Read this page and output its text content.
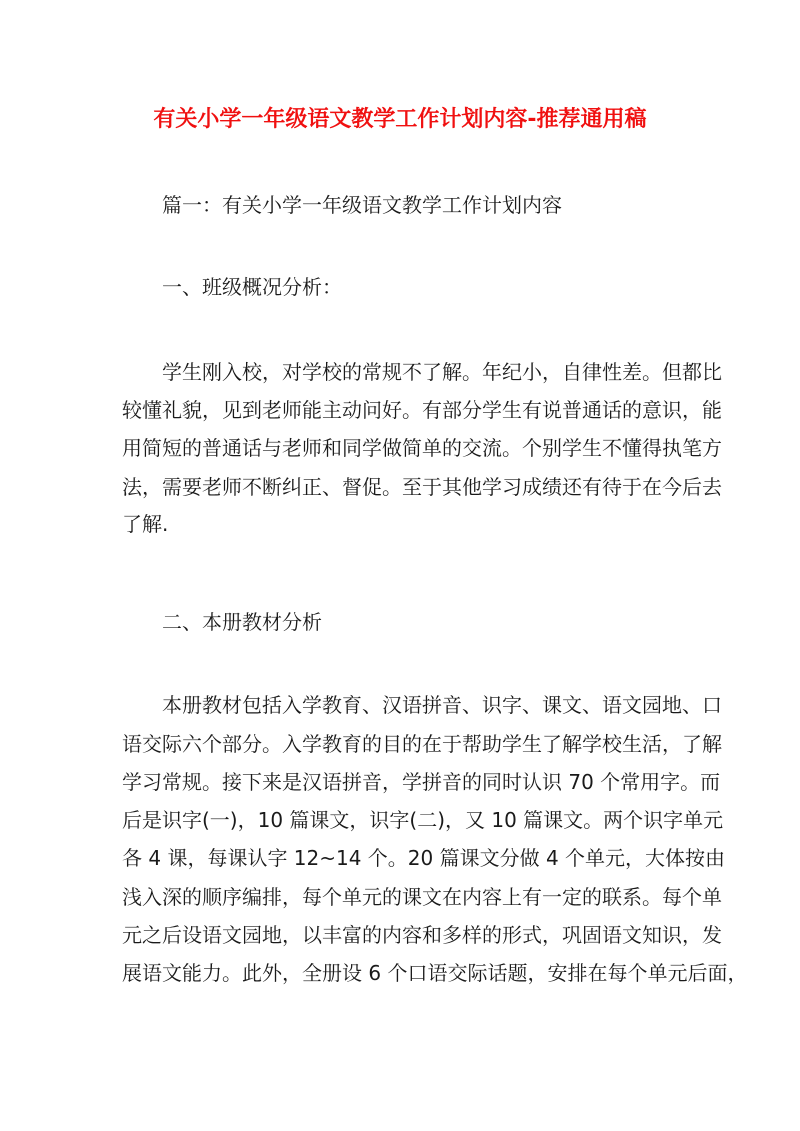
有关小学一年级语文教学工作计划内容-推荐通用稿
篇一：有关小学一年级语文教学工作计划内容
一、班级概况分析：
学生刚入校，对学校的常规不了解。年纪小，自律性差。但都比
较懂礼貌，见到老师能主动问好。有部分学生有说普通话的意识，能
用简短的普通话与老师和同学做简单的交流。个别学生不懂得执笔方
法，需要老师不断纠正、督促。至于其他学习成绩还有待于在今后去
了解.
二、本册教材分析
本册教材包括入学教育、汉语拼音、识字、课文、语文园地、口
语交际六个部分。入学教育的目的在于帮助学生了解学校生活，了解
学习常规。接下来是汉语拼音，学拼音的同时认识 70 个常用字。而
后是识字(一)，10 篇课文，识字(二)，又 10 篇课文。两个识字单元
各 4 课，每课认字 12~14 个。20 篇课文分做 4 个单元，大体按由
浅入深的顺序编排，每个单元的课文在内容上有一定的联系。每个单
元之后设语文园地，以丰富的内容和多样的形式，巩固语文知识，发
展语文能力。此外，全册设 6 个口语交际话题，安排在每个单元后面，
